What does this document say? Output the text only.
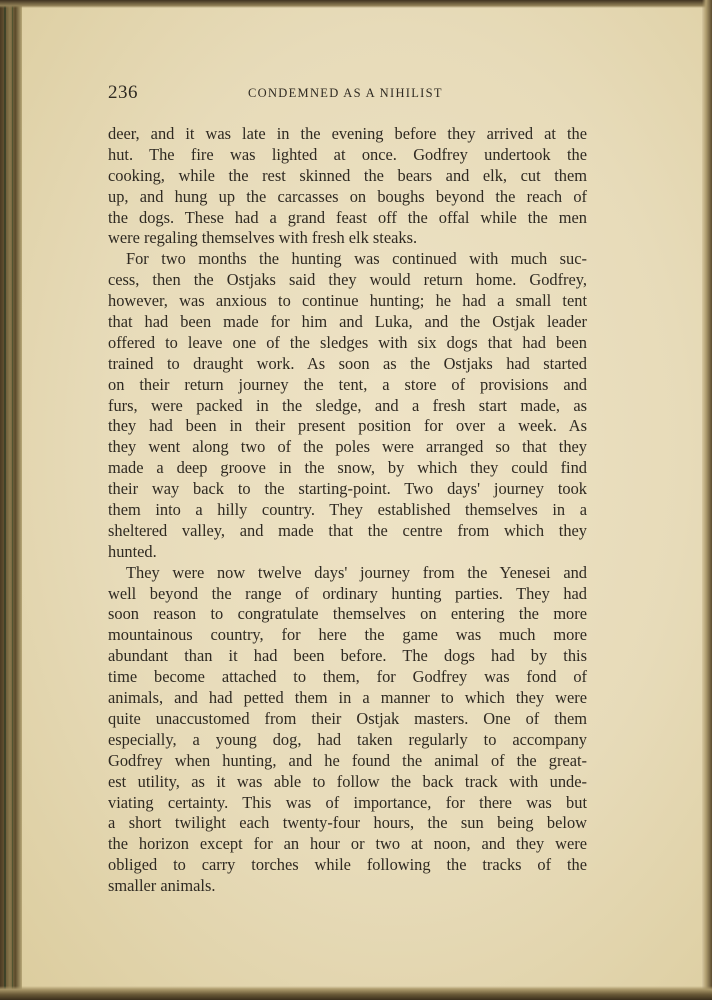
236	CONDEMNED AS A NIHILIST
deer, and it was late in the evening before they arrived at the
hut. The fire was lighted at once. Godfrey undertook the
cooking, while the rest skinned the bears and elk, cut them
up, and hung up the carcasses on boughs beyond the reach of
the dogs. These had a grand feast off the offal while the men
were regaling themselves with fresh elk steaks.
For two months the hunting was continued with much suc-
cess, then the Ostjaks said they would return home. Godfrey,
however, was anxious to continue hunting; he had a small tent
that had been made for him and Luka, and the Ostjak leader
offered to leave one of the sledges with six dogs that had been
trained to draught work. As soon as the Ostjaks had started
on their return journey the tent, a store of provisions and
furs, were packed in the sledge, and a fresh start made, as
they had been in their present position for over a week. As
they went along two of the poles were arranged so that they
made a deep groove in the snow, by which they could find
their way back to the starting-point. Two days' journey took
them into a hilly country. They established themselves in a
sheltered valley, and made that the centre from which they
hunted.
They were now twelve days' journey from the Yenesei and
well beyond the range of ordinary hunting parties. They had
soon reason to congratulate themselves on entering the more
mountainous country, for here the game was much more
abundant than it had been before. The dogs had by this
time become attached to them, for Godfrey was fond of
animals, and had petted them in a manner to which they were
quite unaccustomed from their Ostjak masters. One of them
especially, a young dog, had taken regularly to accompany
Godfrey when hunting, and he found the animal of the great-
est utility, as it was able to follow the back track with unde-
viating certainty. This was of importance, for there was but
a short twilight each twenty-four hours, the sun being below
the horizon except for an hour or two at noon, and they were
obliged to carry torches while following the tracks of the
smaller animals.
